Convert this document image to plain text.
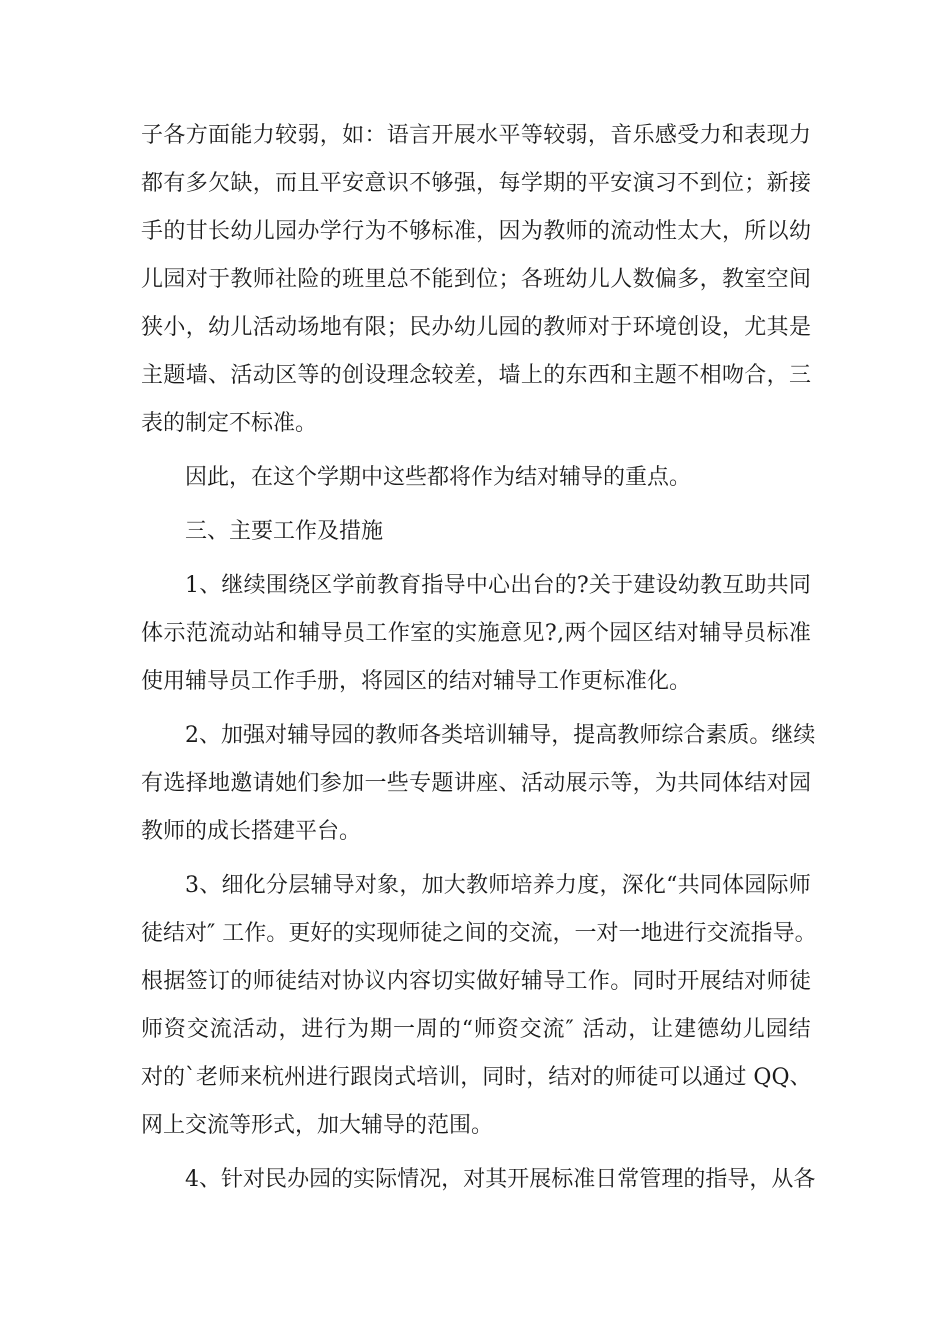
子 各 方 面 能 力 较 弱 ， 如 ： 语 言 开 展 水 平 等 较 弱 ， 音 乐 感 受 力 和 表 现 力
都 有 多 欠 缺 ， 而 且 平 安 意 识 不 够 强 ， 每 学 期 的 平 安 演 习 不 到 位 ； 新 接
手 的 甘 长 幼 儿 园 办 学 行 为 不 够 标 准 ， 因 为 教 师 的 流 动 性 太 大 ， 所 以 幼
儿 园 对 于 教 师 社 险 的 班 里 总 不 能 到 位 ； 各 班 幼 儿 人 数 偏 多 ， 教 室 空 间
狭 小 ， 幼 儿 活 动 场 地 有 限 ； 民 办 幼 儿 园 的 教 师 对 于 环 境 创 设 ， 尤 其 是
主 题 墙 、 活 动 区 等 的 创 设 理 念 较 差 ， 墙 上 的 东 西 和 主 题 不 相 吻 合 ， 三
表的制定不标准。
因此，在这个学期中这些都将作为结对辅导的重点。
三、主要工作及措施
1 、 继 续 围 绕 区 学 前 教 育 指 导 中 心 出 台 的 ? 关 于 建 设 幼 教 互 助 共 同
体 示 范 流 动 站 和 辅 导 员 工 作 室 的 实 施 意 见 ? , 两 个 园 区 结 对 辅 导 员 标 准
使用辅导员工作手册，将园区的结对辅导工作更标准化。
2 、 加 强 对 辅 导 园 的 教 师 各 类 培 训 辅 导 ， 提 高 教 师 综 合 素 质 。 继 续
有 选 择 地 邀 请 她 们 参 加 一 些 专 题 讲 座 、 活 动 展 示 等 ， 为 共 同 体 结 对 园
教师的成长搭建平台。
3 、 细 化 分 层 辅 导 对 象 ， 加 大 教 师 培 养 力 度 ， 深 化 “ 共 同 体 园 际 师
徒 结 对 ″
工 作 。 更 好 的 实 现 师 徒 之 间 的 交 流 ， 一 对 一 地 进 行 交 流 指 导 。
根 据 签 订 的 师 徒 结 对 协 议 内 容 切 实 做 好 辅 导 工 作 。 同 时 开 展 结 对 师 徒
师 资 交 流 活 动 ， 进 行 为 期 一 周 的 “ 师 资 交 流 ″
活 动 ， 让 建 德 幼 儿 园 结
对 的 ` 老 师 来 杭 州 进 行 跟 岗 式 培 训 ， 同 时 ， 结 对 的 师 徒 可 以 通 过
Q Q 、
网上交流等形式，加大辅导的范围。
4 、 针 对 民 办 园 的 实 际 情 况 ， 对 其 开 展 标 准 日 常 管 理 的 指 导 ， 从 各
